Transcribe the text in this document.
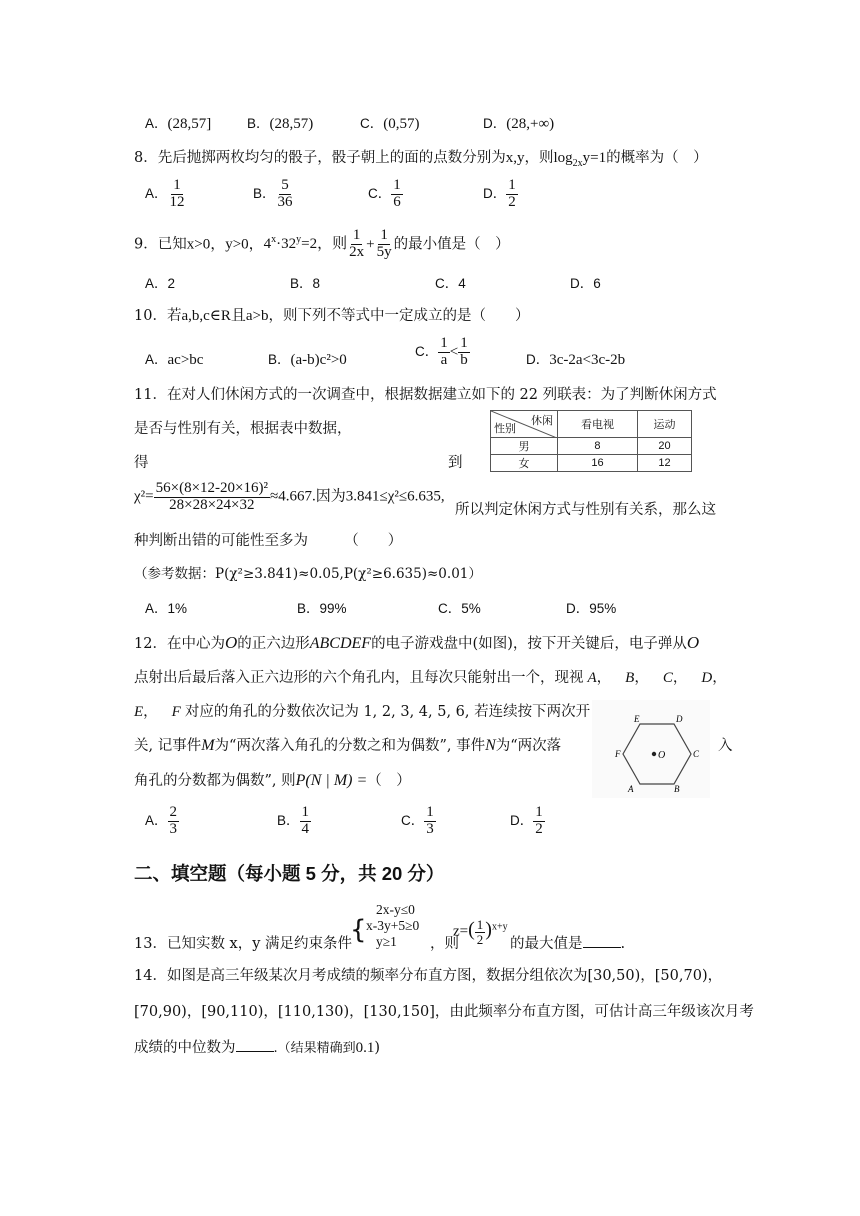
A．(28,57]	B．(28,57)	C．(0,57)	D．(28,+∞)
8．先后抛掷两枚均匀的骰子，骰子朝上的面的点数分别为x,y，则$\log_{2x}y=1$的概率为（　）
A． $\frac{1}{12}$	B． $\frac{5}{36}$	C． $\frac{1}{6}$	D． $\frac{1}{2}$
9．已知x>0，y>0，$4^x\cdot 32^y=2$，则 $\frac{1}{2x} + \frac{1}{5y}$ 的最小值是（　）
A．2	B．8	C．4	D．6
10．若a,b,c∈R且a>b，则下列不等式中一定成立的是（　　）
A．ac>bc	B．(a-b)c²>0
C． $\frac{1}{a} < \frac{1}{b}$	D．3c-2a<3c-2b
11．在对人们休闲方式的一次调查中，根据数据建立如下的 22 列联表：为了判断休闲方式
是否与性别有关，根据表中数据，
得	到
休闲
性别	看电视	运动
男	8	20
女	16	12
$\chi^2= \frac{\text{56×(8×12-20×16)²}}{28\times 28\times 24\times 32} \approx 4.667$.因为3.841≤χ²≤6.635,
所以判定休闲方式与性别有关系，那么这
种判断出错的可能性至多为　　　（　　）
（参考数据：P(χ²≥3.841)≈0.05,P(χ²≥6.635)≈0.01）
A．1%	B．99%	C．5%	D．95%
12．在中心为O的正六边形ABCDEF的电子游戏盘中(如图)，按下开关键后，电子弹从O
点射出后最后落入正六边形的六个角孔内，且每次只能射出一个，现视 A， B， C， D，
E， F 对应的角孔的分数依次记为 1, 2, 3, 4, 5, 6, 若连续按下两次开
关, 记事件M为“两次落入角孔的分数之和为偶数”, 事件N为“两次落	入
角孔的分数都为偶数”, 则P(N | M) =（　）
E	D
F	C
A	B
O
A． $\frac{2}{3}$	B． $\frac{1}{4}$	C． $\frac{1}{3}$	D． $\frac{1}{2}$
二、填空题（每小题 5 分，共 20 分）
13．已知实数 x，y 满足约束条件
{
2x-y≤0
x-3y+5≥0
y≥1	，则
$z=( \frac{1}{2} )^{x+y}$
的最大值是	.
14．如图是高三年级某次月考成绩的频率分布直方图，数据分组依次为[30,50)，[50,70)，
[70,90)，[90,110)，[110,130)，[130,150]，由此频率分布直方图，可估计高三年级该次月考
成绩的中位数为	.（结果精确到0.1)
